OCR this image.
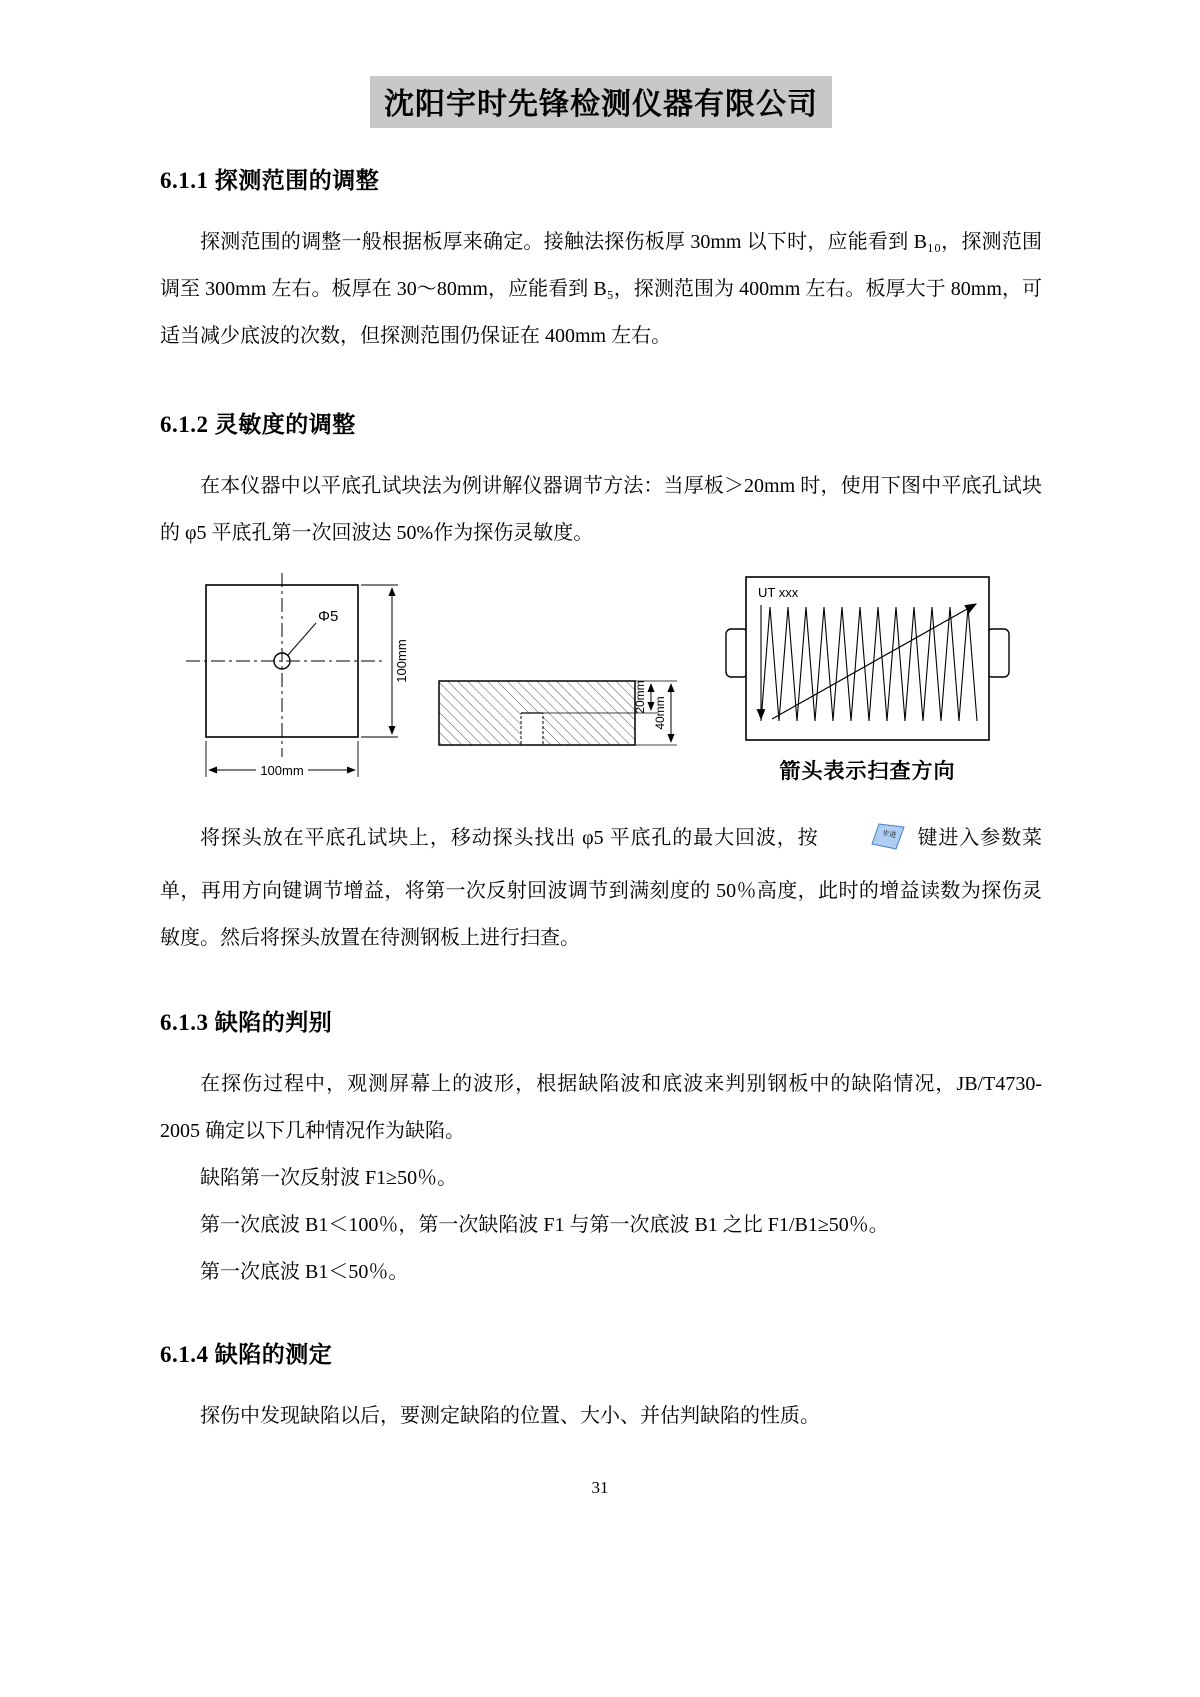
沈阳宇时先锋检测仪器有限公司
6.1.1 探测范围的调整

探测范围的调整一般根据板厚来确定。接触法探伤板厚 30mm 以下时，应能看到 B₁₀，探测范围调至 300mm 左右。板厚在 30～80mm，应能看到 B₅，探测范围为 400mm 左右。板厚大于 80mm，可适当减少底波的次数，但探测范围仍保证在 400mm 左右。

6.1.2 灵敏度的调整

在本仪器中以平底孔试块法为例讲解仪器调节方法：当厚板＞20mm 时，使用下图中平底孔试块的 φ5 平底孔第一次回波达 50%作为探伤灵敏度。

Φ5
100mm
100mm
20mm 40mm
UT xxx
箭头表示扫查方向

将探头放在平底孔试块上，移动探头找出 φ5 平底孔的最大回波，按	步进 键进入参数菜单，再用方向键调节增益，将第一次反射回波调节到满刻度的 50％高度，此时的增益读数为探伤灵敏度。然后将探头放置在待测钢板上进行扫查。

6.1.3 缺陷的判别

在探伤过程中，观测屏幕上的波形，根据缺陷波和底波来判别钢板中的缺陷情况，JB/T4730-2005 确定以下几种情况作为缺陷。

缺陷第一次反射波 F1≥50％。

第一次底波 B1＜100％，第一次缺陷波 F1 与第一次底波 B1 之比 F1/B1≥50％。

第一次底波 B1＜50％。

6.1.4 缺陷的测定

探伤中发现缺陷以后，要测定缺陷的位置、大小、并估判缺陷的性质。

31
